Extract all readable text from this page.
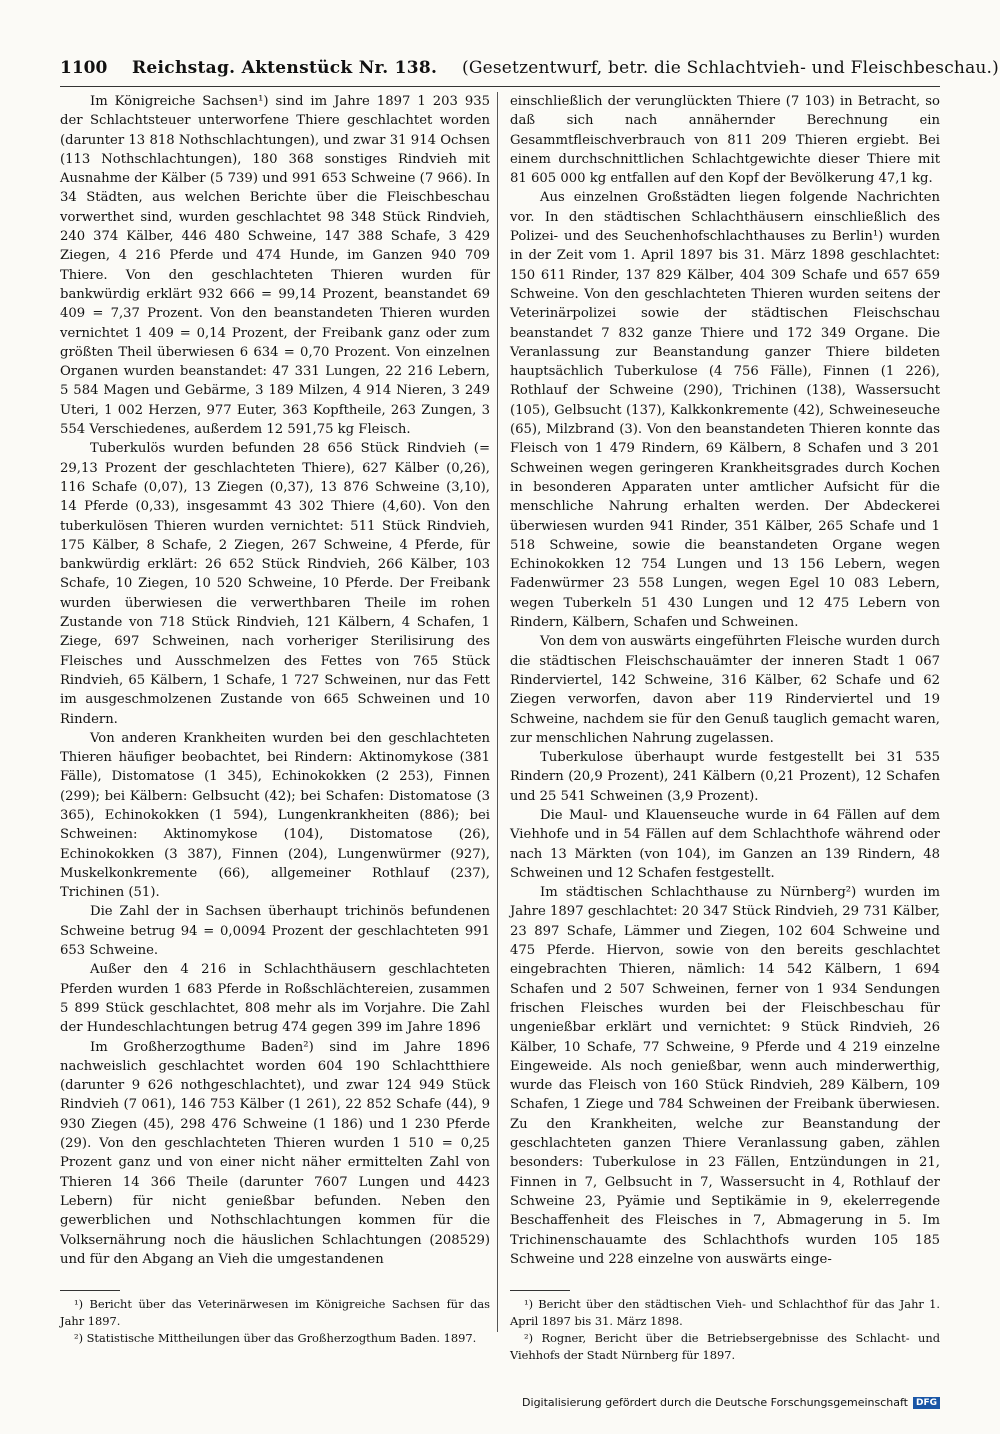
1100 Reichstag. Aktenstück Nr. 138. (Gesetzentwurf, betr. die Schlachtvieh- und Fleischbeschau.)

Im Königreiche Sachsen¹) sind im Jahre 1897 1 203 935 der Schlachtsteuer unterworfene Thiere geschlachtet worden (darunter 13 818 Nothschlachtungen), und zwar 31 914 Ochsen (113 Nothschlachtungen), 180 368 sonstiges Rindvieh mit Ausnahme der Kälber (5 739) und 991 653 Schweine (7 966). In 34 Städten, aus welchen Berichte über die Fleischbeschau vorwerthet sind, wurden geschlachtet 98 348 Stück Rindvieh, 240 374 Kälber, 446 480 Schweine, 147 388 Schafe, 3 429 Ziegen, 4 216 Pferde und 474 Hunde, im Ganzen 940 709 Thiere. Von den geschlachteten Thieren wurden für bankwürdig erklärt 932 666 = 99,14 Prozent, beanstandet 69 409 = 7,37 Prozent. Von den beanstandeten Thieren wurden vernichtet 1 409 = 0,14 Prozent, der Freibank ganz oder zum größten Theil überwiesen 6 634 = 0,70 Prozent. Von einzelnen Organen wurden beanstandet: 47 331 Lungen, 22 216 Lebern, 5 584 Magen und Gebärme, 3 189 Milzen, 4 914 Nieren, 3 249 Uteri, 1 002 Herzen, 977 Euter, 363 Kopftheile, 263 Zungen, 3 554 Verschiedenes, außerdem 12 591,75 kg Fleisch.

Tuberkulös wurden befunden 28 656 Stück Rindvieh (= 29,13 Prozent der geschlachteten Thiere), 627 Kälber (0,26), 116 Schafe (0,07), 13 Ziegen (0,37), 13 876 Schweine (3,10), 14 Pferde (0,33), insgesammt 43 302 Thiere (4,60). Von den tuberkulösen Thieren wurden vernichtet: 511 Stück Rindvieh, 175 Kälber, 8 Schafe, 2 Ziegen, 267 Schweine, 4 Pferde, für bankwürdig erklärt: 26 652 Stück Rindvieh, 266 Kälber, 103 Schafe, 10 Ziegen, 10 520 Schweine, 10 Pferde. Der Freibank wurden überwiesen die verwerthbaren Theile im rohen Zustande von 718 Stück Rindvieh, 121 Kälbern, 4 Schafen, 1 Ziege, 697 Schweinen, nach vorheriger Sterilisirung des Fleisches und Ausschmelzen des Fettes von 765 Stück Rindvieh, 65 Kälbern, 1 Schafe, 1 727 Schweinen, nur das Fett im ausgeschmolzenen Zustande von 665 Schweinen und 10 Rindern.

Von anderen Krankheiten wurden bei den geschlachteten Thieren häufiger beobachtet, bei Rindern: Aktinomykose (381 Fälle), Distomatose (1 345), Echinokokken (2 253), Finnen (299); bei Kälbern: Gelbsucht (42); bei Schafen: Distomatose (3 365), Echinokokken (1 594), Lungenkrankheiten (886); bei Schweinen: Aktinomykose (104), Distomatose (26), Echinokokken (3 387), Finnen (204), Lungenwürmer (927), Muskelkonkremente (66), allgemeiner Rothlauf (237), Trichinen (51).

Die Zahl der in Sachsen überhaupt trichinös befundenen Schweine betrug 94 = 0,0094 Prozent der geschlachteten 991 653 Schweine.

Außer den 4 216 in Schlachthäusern geschlachteten Pferden wurden 1 683 Pferde in Roßschlächtereien, zusammen 5 899 Stück geschlachtet, 808 mehr als im Vorjahre. Die Zahl der Hundeschlachtungen betrug 474 gegen 399 im Jahre 1896

Im Großherzogthume Baden²) sind im Jahre 1896 nachweislich geschlachtet worden 604 190 Schlachtthiere (darunter 9 626 nothgeschlachtet), und zwar 124 949 Stück Rindvieh (7 061), 146 753 Kälber (1 261), 22 852 Schafe (44), 9 930 Ziegen (45), 298 476 Schweine (1 186) und 1 230 Pferde (29). Von den geschlachteten Thieren wurden 1 510 = 0,25 Prozent ganz und von einer nicht näher ermittelten Zahl von Thieren 14 366 Theile (darunter 7607 Lungen und 4423 Lebern) für nicht genießbar befunden. Neben den gewerblichen und Nothschlachtungen kommen für die Volksernährung noch die häuslichen Schlachtungen (208529) und für den Abgang an Vieh die umgestandenen

einschließlich der verunglückten Thiere (7 103) in Betracht, so daß sich nach annähernder Berechnung ein Gesammtfleischverbrauch von 811 209 Thieren ergiebt. Bei einem durchschnittlichen Schlachtgewichte dieser Thiere mit 81 605 000 kg entfallen auf den Kopf der Bevölkerung 47,1 kg.

Aus einzelnen Großstädten liegen folgende Nachrichten vor. In den städtischen Schlachthäusern einschließlich des Polizei- und des Seuchenhofschlachthauses zu Berlin¹) wurden in der Zeit vom 1. April 1897 bis 31. März 1898 geschlachtet: 150 611 Rinder, 137 829 Kälber, 404 309 Schafe und 657 659 Schweine. Von den geschlachteten Thieren wurden seitens der Veterinärpolizei sowie der städtischen Fleischschau beanstandet 7 832 ganze Thiere und 172 349 Organe. Die Veranlassung zur Beanstandung ganzer Thiere bildeten hauptsächlich Tuberkulose (4 756 Fälle), Finnen (1 226), Rothlauf der Schweine (290), Trichinen (138), Wassersucht (105), Gelbsucht (137), Kalkkonkremente (42), Schweineseuche (65), Milzbrand (3). Von den beanstandeten Thieren konnte das Fleisch von 1 479 Rindern, 69 Kälbern, 8 Schafen und 3 201 Schweinen wegen geringeren Krankheitsgrades durch Kochen in besonderen Apparaten unter amtlicher Aufsicht für die menschliche Nahrung erhalten werden. Der Abdeckerei überwiesen wurden 941 Rinder, 351 Kälber, 265 Schafe und 1 518 Schweine, sowie die beanstandeten Organe wegen Echinokokken 12 754 Lungen und 13 156 Lebern, wegen Fadenwürmer 23 558 Lungen, wegen Egel 10 083 Lebern, wegen Tuberkeln 51 430 Lungen und 12 475 Lebern von Rindern, Kälbern, Schafen und Schweinen.

Von dem von auswärts eingeführten Fleische wurden durch die städtischen Fleischschauämter der inneren Stadt 1 067 Rinderviertel, 142 Schweine, 316 Kälber, 62 Schafe und 62 Ziegen verworfen, davon aber 119 Rinderviertel und 19 Schweine, nachdem sie für den Genuß tauglich gemacht waren, zur menschlichen Nahrung zugelassen.

Tuberkulose überhaupt wurde festgestellt bei 31 535 Rindern (20,9 Prozent), 241 Kälbern (0,21 Prozent), 12 Schafen und 25 541 Schweinen (3,9 Prozent).

Die Maul- und Klauenseuche wurde in 64 Fällen auf dem Viehhofe und in 54 Fällen auf dem Schlachthofe während oder nach 13 Märkten (von 104), im Ganzen an 139 Rindern, 48 Schweinen und 12 Schafen festgestellt.

Im städtischen Schlachthause zu Nürnberg²) wurden im Jahre 1897 geschlachtet: 20 347 Stück Rindvieh, 29 731 Kälber, 23 897 Schafe, Lämmer und Ziegen, 102 604 Schweine und 475 Pferde. Hiervon, sowie von den bereits geschlachtet eingebrachten Thieren, nämlich: 14 542 Kälbern, 1 694 Schafen und 2 507 Schweinen, ferner von 1 934 Sendungen frischen Fleisches wurden bei der Fleischbeschau für ungenießbar erklärt und vernichtet: 9 Stück Rindvieh, 26 Kälber, 10 Schafe, 77 Schweine, 9 Pferde und 4 219 einzelne Eingeweide. Als noch genießbar, wenn auch minderwerthig, wurde das Fleisch von 160 Stück Rindvieh, 289 Kälbern, 109 Schafen, 1 Ziege und 784 Schweinen der Freibank überwiesen. Zu den Krankheiten, welche zur Beanstandung der geschlachteten ganzen Thiere Veranlassung gaben, zählen besonders: Tuberkulose in 23 Fällen, Entzündungen in 21, Finnen in 7, Gelbsucht in 7, Wassersucht in 4, Rothlauf der Schweine 23, Pyämie und Septikämie in 9, ekelerregende Beschaffenheit des Fleisches in 7, Abmagerung in 5. Im Trichinenschauamte des Schlachthofs wurden 105 185 Schweine und 228 einzelne von auswärts einge-

¹) Bericht über das Veterinärwesen im Königreiche Sachsen für das Jahr 1897.

²) Statistische Mittheilungen über das Großherzogthum Baden. 1897.

¹) Bericht über den städtischen Vieh- und Schlachthof für das Jahr 1. April 1897 bis 31. März 1898.

²) Rogner, Bericht über die Betriebsergebnisse des Schlacht- und Viehhofs der Stadt Nürnberg für 1897.

Digitalisierung gefördert durch die Deutsche Forschungsgemeinschaft DFG
